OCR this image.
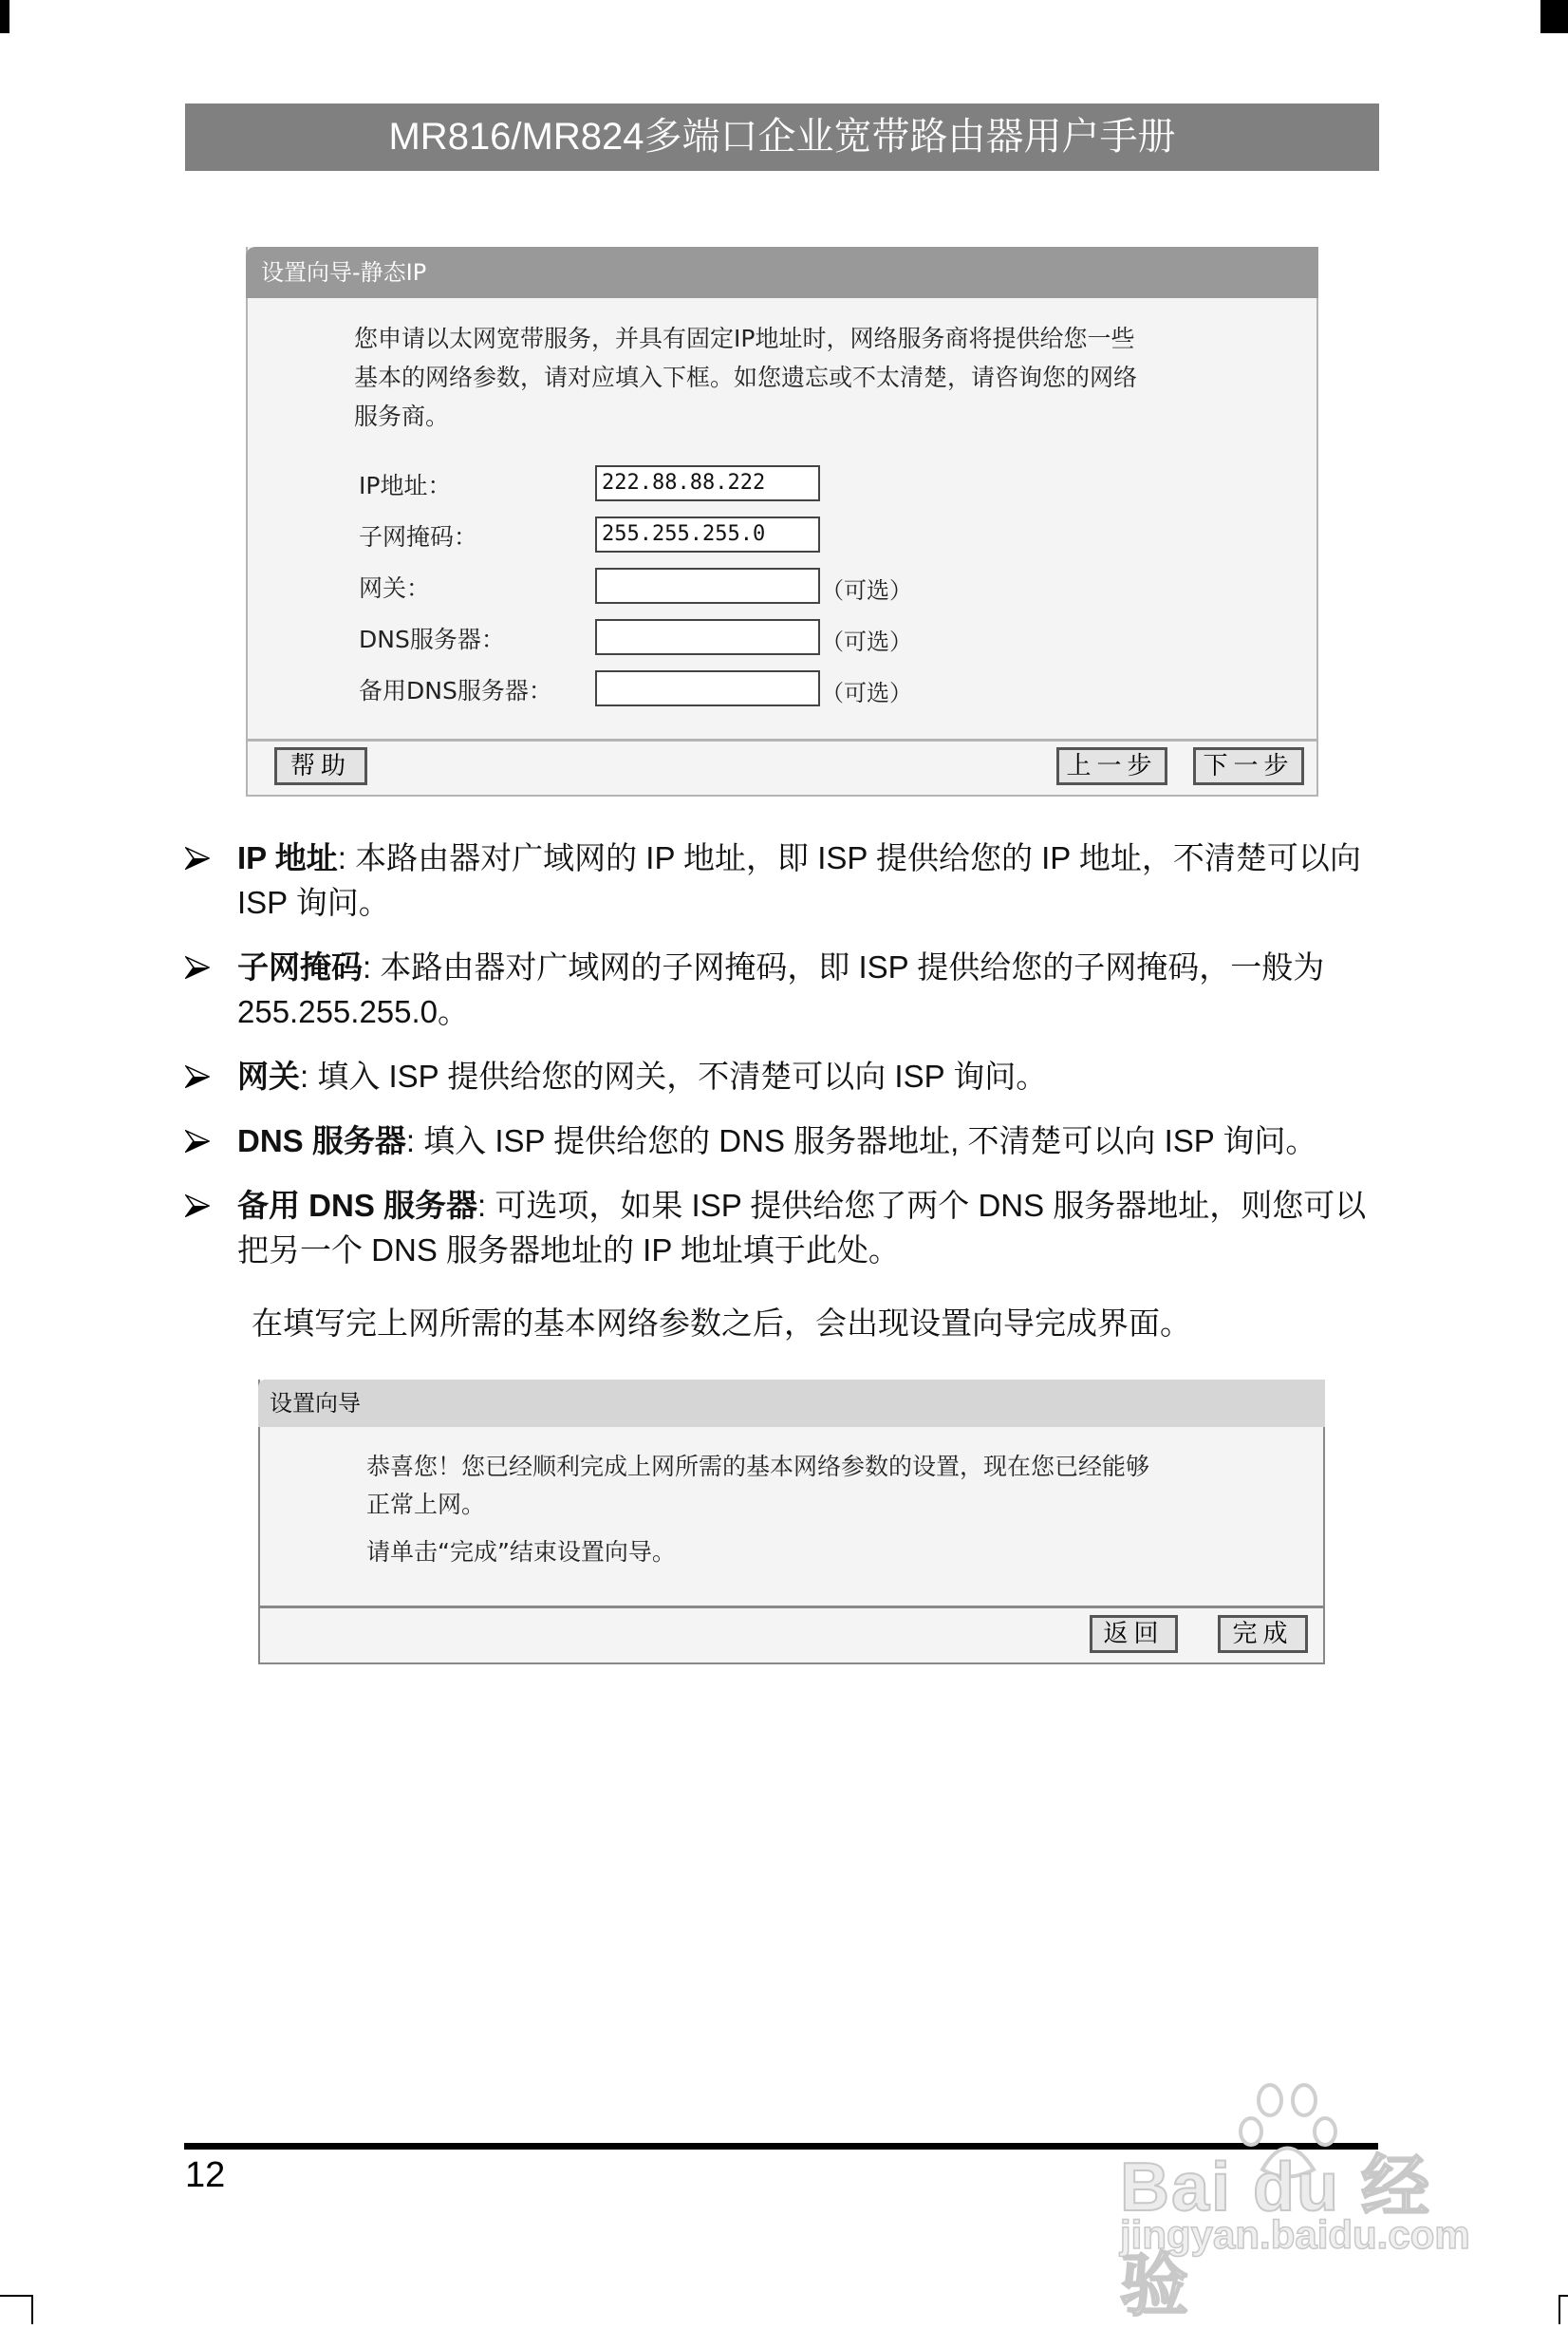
MR816/MR824多端口企业宽带路由器用户手册
设置向导-静态IP
您申请以太网宽带服务，并具有固定IP地址时，网络服务商将提供给您一些
基本的网络参数，请对应填入下框。如您遗忘或不太清楚，请咨询您的网络
服务商。
IP地址：	222.88.88.222
子网掩码：	255.255.255.0
网关：	（可选）
DNS服务器：	（可选）
备用DNS服务器：	（可选）
帮助	上一步	下一步
IP 地址: 本路由器对广域网的 IP 地址，即 ISP 提供给您的 IP 地址，不清楚可以向 ISP 询问。
子网掩码: 本路由器对广域网的子网掩码，即 ISP 提供给您的子网掩码，一般为 255.255.255.0。
网关: 填入 ISP 提供给您的网关，不清楚可以向 ISP 询问。
DNS 服务器: 填入 ISP 提供给您的 DNS 服务器地址, 不清楚可以向 ISP 询问。
备用 DNS 服务器: 可选项，如果 ISP 提供给您了两个 DNS 服务器地址，则您可以 把另一个 DNS 服务器地址的 IP 地址填于此处。
在填写完上网所需的基本网络参数之后，会出现设置向导完成界面。
设置向导
恭喜您！您已经顺利完成上网所需的基本网络参数的设置，现在您已经能够
正常上网。
请单击“完成”结束设置向导。
返回	完成
12	Bai du 经验
jingyan.baidu.com
